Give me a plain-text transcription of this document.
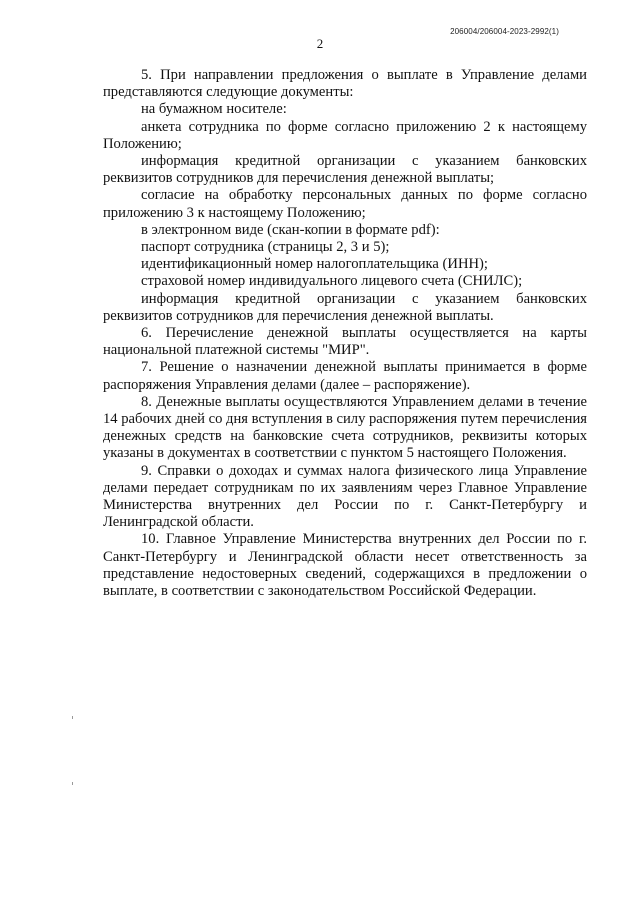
206004/206004-2023-2992(1)
2

5. При направлении предложения о выплате в Управление делами представляются следующие документы:

на бумажном носителе:

анкета сотрудника по форме согласно приложению 2 к настоящему Положению;

информация кредитной организации с указанием банковских реквизитов сотрудников для перечисления денежной выплаты;

согласие на обработку персональных данных по форме согласно приложению 3 к настоящему Положению;

в электронном виде (скан-копии в формате pdf):

паспорт сотрудника (страницы 2, 3 и 5);

идентификационный номер налогоплательщика (ИНН);

страховой номер индивидуального лицевого счета (СНИЛС);

информация кредитной организации с указанием банковских реквизитов сотрудников для перечисления денежной выплаты.

6. Перечисление денежной выплаты осуществляется на карты национальной платежной системы "МИР".

7. Решение о назначении денежной выплаты принимается в форме распоряжения Управления делами (далее – распоряжение).

8. Денежные выплаты осуществляются Управлением делами в течение 14 рабочих дней со дня вступления в силу распоряжения путем перечисления денежных средств на банковские счета сотрудников, реквизиты которых указаны в документах в соответствии с пунктом 5 настоящего Положения.

9. Справки о доходах и суммах налога физического лица Управление делами передает сотрудникам по их заявлениям через Главное Управление Министерства внутренних дел России по г. Санкт-Петербургу и Ленинградской области.

10. Главное Управление Министерства внутренних дел России по г. Санкт-Петербургу и Ленинградской области несет ответственность за представление недостоверных сведений, содержащихся в предложении о выплате, в соответствии с законодательством Российской Федерации.
